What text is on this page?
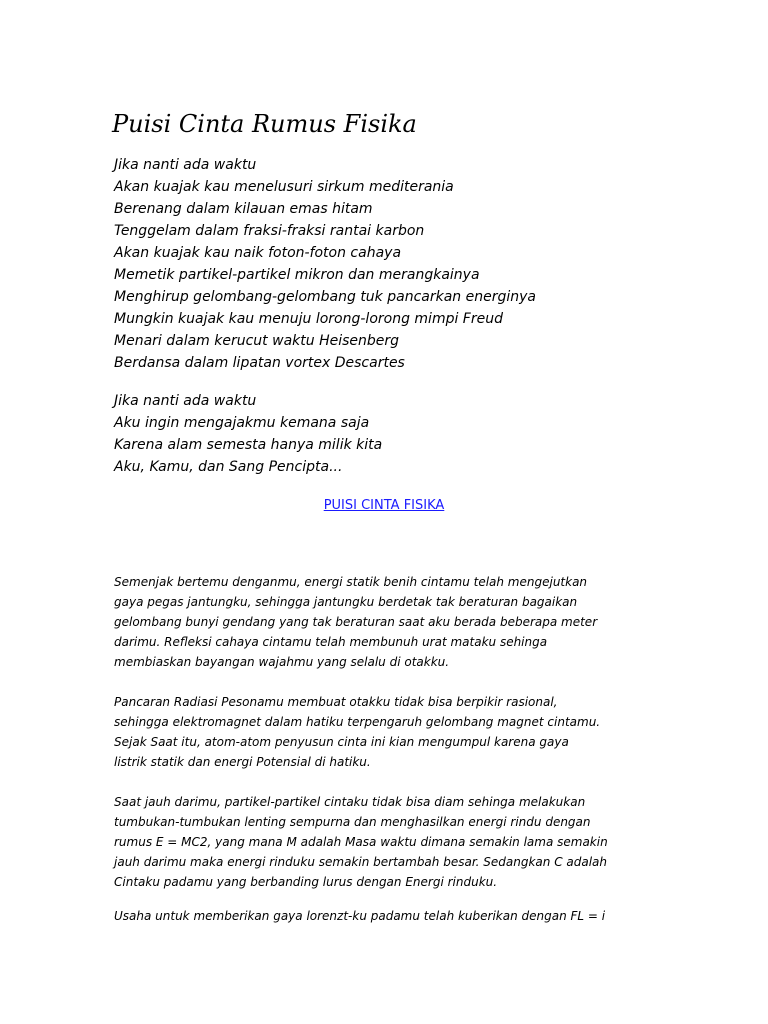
Puisi Cinta Rumus Fisika
Jika nanti ada waktu
Akan kuajak kau menelusuri sirkum mediterania
Berenang dalam kilauan emas hitam
Tenggelam dalam fraksi-fraksi rantai karbon
Akan kuajak kau naik foton-foton cahaya
Memetik partikel-partikel mikron dan merangkainya
Menghirup gelombang-gelombang tuk pancarkan energinya
Mungkin kuajak kau menuju lorong-lorong mimpi Freud
Menari dalam kerucut waktu Heisenberg
Berdansa dalam lipatan vortex Descartes
Jika nanti ada waktu
Aku ingin mengajakmu kemana saja
Karena alam semesta hanya milik kita
Aku, Kamu, dan Sang Pencipta...
PUISI CINTA FISIKA

Semenjak bertemu denganmu, energi statik benih cintamu telah mengejutkan
gaya pegas jantungku, sehingga jantungku berdetak tak beraturan bagaikan
gelombang bunyi gendang yang tak beraturan saat aku berada beberapa meter
darimu. Refleksi cahaya cintamu telah membunuh urat mataku sehinga
membiaskan bayangan wajahmu yang selalu di otakku.

Pancaran Radiasi Pesonamu membuat otakku tidak bisa berpikir rasional,
sehingga elektromagnet dalam hatiku terpengaruh gelombang magnet cintamu.
Sejak Saat itu, atom-atom penyusun cinta ini kian mengumpul karena gaya
listrik statik dan energi Potensial di hatiku.

Saat jauh darimu, partikel-partikel cintaku tidak bisa diam sehinga melakukan
tumbukan-tumbukan lenting sempurna dan menghasilkan energi rindu dengan
rumus E = MC2, yang mana M adalah Masa waktu dimana semakin lama semakin
jauh darimu maka energi rinduku semakin bertambah besar. Sedangkan C adalah
Cintaku padamu yang berbanding lurus dengan Energi rinduku.

Usaha untuk memberikan gaya lorenzt-ku padamu telah kuberikan dengan FL = i
